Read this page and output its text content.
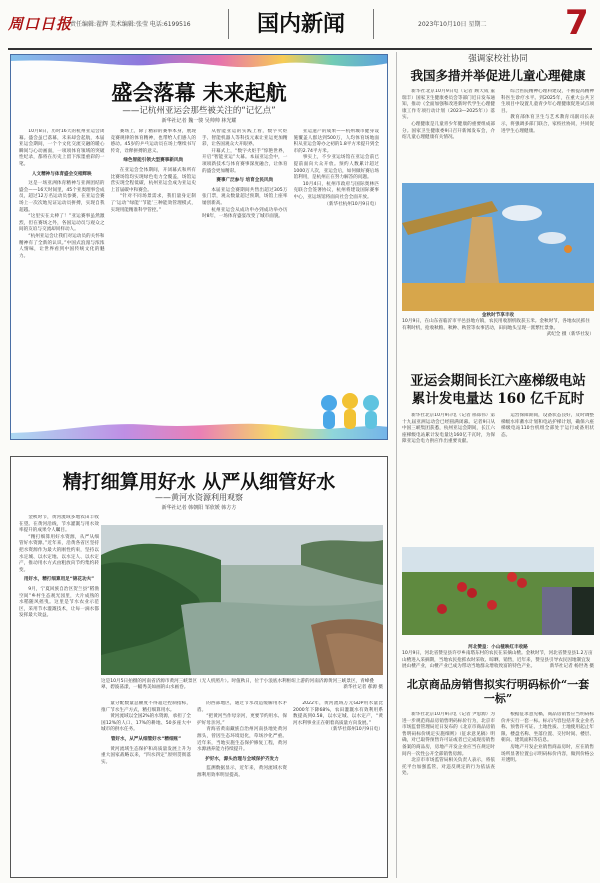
周口日报
责任编辑:翟辉 美术编辑:张莹 电话:6199516	国内新闻	2023年10月10日 星期二 7
盛会落幕 未来起航
——记杭州亚运会那些被关注的“记忆点”
新华社记者 魏一骏 吴帅帅 林光耀

10月8日，历时16天的杭州亚运会闭幕。盛会虽已落幕，未来却会起航，本届亚运会期间，一个个文化交流交融的暖心瞬间与心动画面，一项项体育领域的突破性纪录，都将在历史上留下浓墨重彩的一笔。

人文精神与体育盛会交相辉映

这是一场亚洲体育精神与亚洲团结的盛会——16天时间里，45个亚奥理事会成员，超过12万名运动员参赛，在亚运会赛场上一次次地见证运动员拼搏，实现自我超越。

“这里实在太棒了！”亚运赛事虽然激烈，但在赛场之外，各国运动员与观众之间的友谊与交流却同样动人。

“杭州亚运会让我们对运动员的关怀和精神有了全新的认识。”中国式浪漫与浓浓人情味，让世界看到中国传统文化的魅力。

赛场上，除了精彩的赛事本身，展现竞赛规律的体育精神，也带给人们感人的感动。45岁的乒乓运动员在场上继续书写传奇，诠释拼搏的意义。

绿色智能引领大型赛事新风尚

在亚运会全体期间，开闭幕式和所有比赛场馆均实现绿色电力全覆盖，场馆运营实现全程低碳，杭州亚运会成为亚运史上首届碳中和赛会。

“针对不同场景需求，我们量身定制了‘运动’‘绿能’‘节能’三种能效管理模式，实现用能精准科学管控。”

从智能亚运的实践上看，数字火炬手、智能机器人等科技元素让亚运更加精彩，让各国观众大开眼界。

开幕式上，“数字火炬手”惊艳世界，开启“智能亚运”大幕。本届亚运会中，一项项新技术与体育赛事深度融合，让体育的盛会更加精彩。

赛事广泛参与 培育全民风尚

本届亚运会赛期间共售出超过305万张门票，观众数量超过预期，场馆上座率屡创新高。

杭州亚运会从成功申办到成功举办历时8年，一场体育盛宴改变了城市面貌。

亚运遗产的成果——杭州城市健身设施覆盖人群达到500万，人均体育场地面积从亚运会筹办之初的1.8平方米提升到全市的2.74平方米。

事实上，不少亚运场馆在亚运会前已提前面向大众开放。预约人数累计超过1000万人次，亚运会后，如何做好赛后场馆利用，是杭州正在努力解答的问题。

10月4日，杭州市政府与国际奥林匹克联合会签署协议，杭州将建设国际赛事中心，亚运场馆将面向社会全面开放。

（新华社杭州10月9日电）

精打细算用好水 从严从细管好水
——黄河水资源利用观察
新华社记者 韩朝阳 邹欣媛 韩方方

金秋时节，黄河流域多地农田丰收在望。在黄河沿线，节水灌溉与用水效率提升的成果令人瞩目。

“精打细算用好水资源，从严从细管好水资源。”近年来，沿黄各省区坚持把水资源作为最大的刚性约束，坚持以水定城、以水定地、以水定人、以水定产，推动用水方式由粗放向节约集约转变。

用好水，精打细算用足“锦花功夫”

9月，宁夏回族自治区贺兰县“稻渔空间”乡村生态观光园里，大片成熟的水稻随风摇曳。这里是节水农业示范区，采用节水灌溉技术，让每一滴水都发挥最大效益。

这是10月5日拍摄的河南省济源市黄河三峡景区（无人机照片）。时值秋日，位于小浪底水利枢纽上游的河南济源黄河三峡景区，青峰叠翠，碧波荡漾，一幅秀美如画的山水画卷。	新华社记者 郝源 摄

量分配数量总额度不得超过控制指标，推广节水生产方式，精打细算用水。

黄河流域以全国2%的水资源，承担了全国12%的人口、17%的耕地、50多座大中城市的供水任务。

管好水，从严从细管好水“精细账”

黄河流域生态保护和高质量发展上升为重大国家战略以来，“四水四定”原则贯彻落实。

的西部地区，通过节水改造缓解用水矛盾。

“把黄河当作母亲河，更要节约用水、保护好母亲河。”

青海省黄南藏族自治州河南县地处黄河源头，曾因生态环境退化，草场沙化严重。近年来，当地实施生态保护修复工程，黄河水源涵养能力持续提升。

护好水，源头治理与全域保护齐发力

监测数据显示，近年来，黄河流域水资源利用效率明显提高。

2022年，黄河流域万元GDP用水量比2000年下降68%，农田灌溉水有效利用系数提高到0.58，以水定城、以水定产，“黄河水利事业正在朝着高质量方向发展。”

（新华社郑州10月9日电）

强调家校社协同
我国多措并举促进儿童心理健康

新华社北京10月9日电（记者 顾天成 董瑞丰）国家卫生健康委员会等部门近日发布通知，推动《全面加强和改进新时代学生心理健康工作专项行动计划（2023—2025年）》落实。

心理健康是儿童青少年健康的重要组成部分。国家卫生健康委9日召开新闻发布会，介绍儿童心理健康有关情况。

综合医院精神心理科建设，不断提高精神科医生诊疗水平。到2025年，在重大公共卫生项目中设置儿童青少年心理健康促进试点项目。

教育部体育卫生与艺术教育司副司长表示，将强调多部门联合，家校社协同，共同促进学生心理健康。

金秋时节享丰收
10月9日，在山东省临沂市平邑县地方镇，农民用收割机收获玉米。金秋时节，各地农民抓住有利时机，抢收秋粮、秋种、秋管等农事活动，田间地头呈现一派繁忙景象。
武纪全 摄（新华社发）
亚运会期间长江六座梯级电站
累计发电量达 160 亿千瓦时

新华社北京10月9日电（记者 邢郑伟）第十九届亚洲运动会已经圆满闭幕。记者9日从中国三峡集团获悉，杭州亚运会期间，长江六座梯级电站累计发电量达160亿千瓦时，为保障亚运会电力供应作出重要贡献。

运营保障期间，设备状态良好，及时调整梯级水库蓄水计划和电站护梯计划，确保六座梯级电站110台机组全部处于运行或备用状态。

河北赞皇：小山楂映红丰收路
10月9日，河北省赞皇县许亭乡南塔东村的农民在采摘山楂。金秋时节，河北省赞皇县1.2万亩山楂进入采摘期，当地农民抢抓农时采收、晾晒、销售，近年来，赞皇县引导农民因地制宜发展山楂产业，山楂产业已成为带动当地群众增收致富的特色产业。	新华社记者 杨世尧 摄
北京商品房销售拟实行明码标价“一套一标”

新华社北京10月9日电（记者 尹思源）为进一步规范商品房销售明码标价行为，北京市市场监督管理局近日发布的《北京市商品房销售明码标价规定实施细则》（征求意见稿）明确，对已取得预售许可证或者已完成现房销售备案的商品房，房地产开发企业应当在规定时间内一次性公开全部销售房源。

北京市市场监管局相关负责人表示，将依托平台加强监管，对违反规定的行为依法查处。

根据征求意见稿，商品房销售应当明码标价并实行一套一标。标示内容包括开发企业名称、预售许可证、土地性质、土地使用起止年限、楼盘名称、坐落位置、交付时间、楼层、朝向、建筑面积等信息。

房地产开发企业销售商品房时，应在销售场所显著位置公示明码标价内容，做到价格公开透明。
